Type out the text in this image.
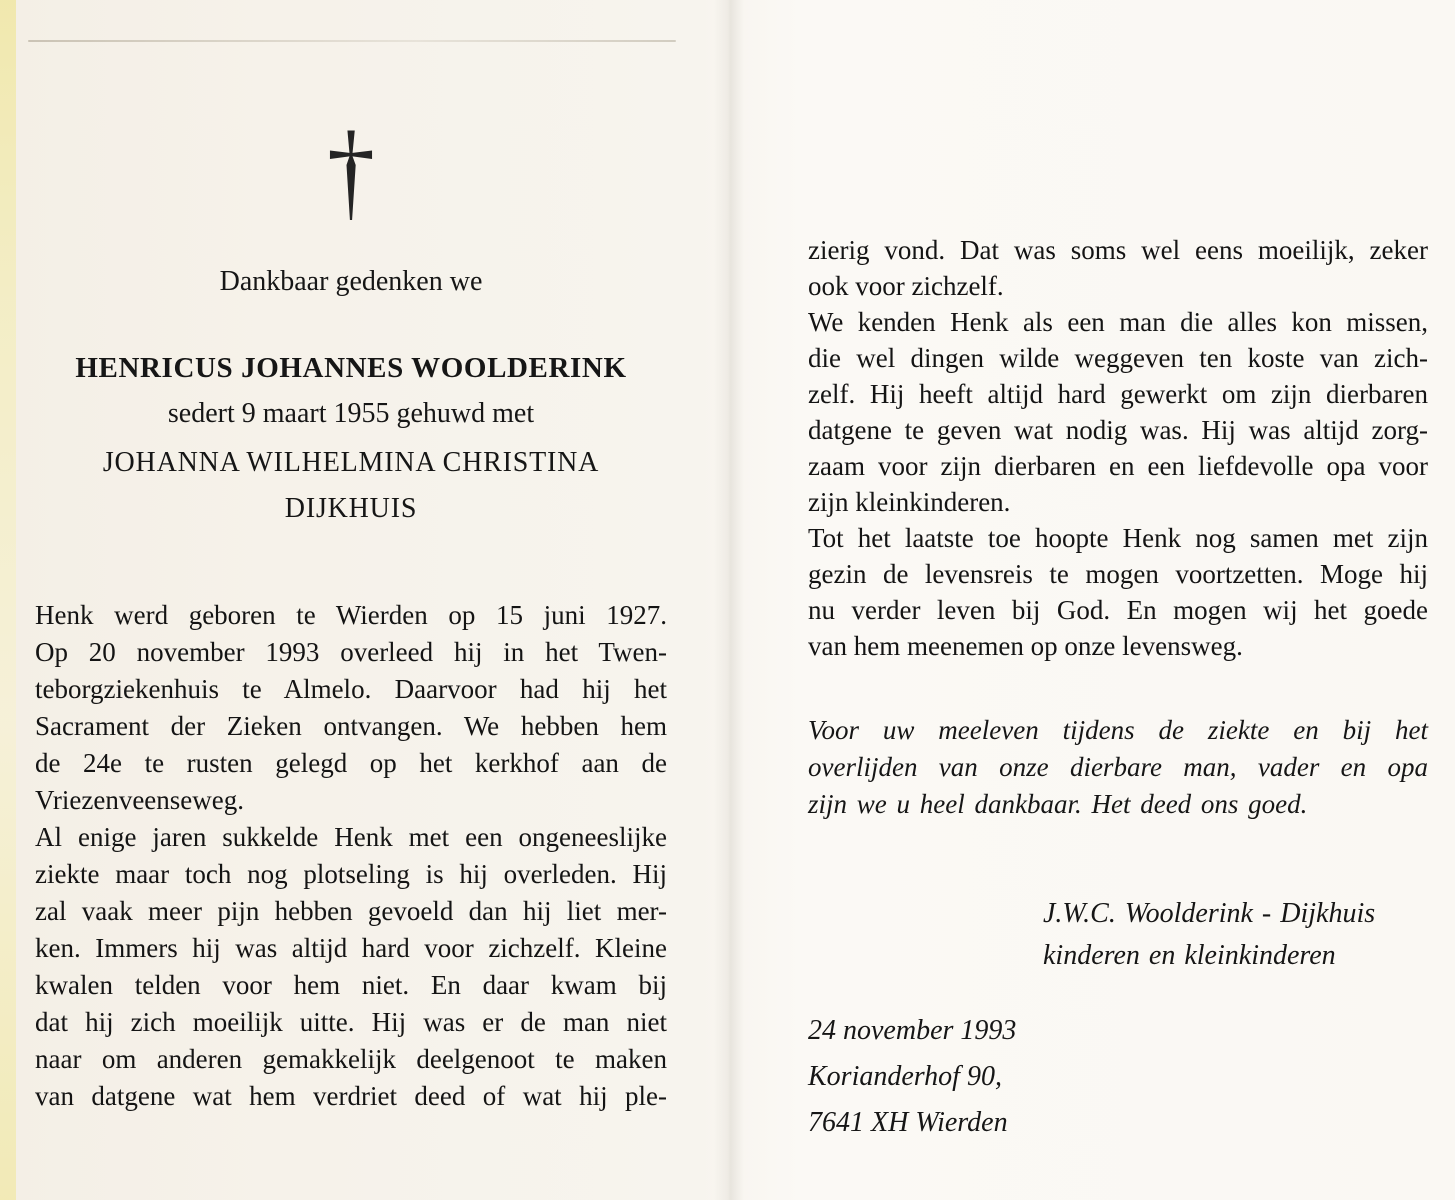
†
Dankbaar gedenken we
HENRICUS JOHANNES WOOLDERINK
sedert 9 maart 1955 gehuwd met
JOHANNA WILHELMINA CHRISTINA
DIJKHUIS
Henk werd geboren te Wierden op 15 juni 1927.
Op 20 november 1993 overleed hij in het Twen-
teborgziekenhuis te Almelo. Daarvoor had hij het
Sacrament der Zieken ontvangen. We hebben hem
de 24e te rusten gelegd op het kerkhof aan de
Vriezenveenseweg.
Al enige jaren sukkelde Henk met een ongeneeslijke
ziekte maar toch nog plotseling is hij overleden. Hij
zal vaak meer pijn hebben gevoeld dan hij liet mer-
ken. Immers hij was altijd hard voor zichzelf. Kleine
kwalen telden voor hem niet. En daar kwam bij
dat hij zich moeilijk uitte. Hij was er de man niet
naar om anderen gemakkelijk deelgenoot te maken
van datgene wat hem verdriet deed of wat hij ple-
zierig vond. Dat was soms wel eens moeilijk, zeker
ook voor zichzelf.
We kenden Henk als een man die alles kon missen,
die wel dingen wilde weggeven ten koste van zich-
zelf. Hij heeft altijd hard gewerkt om zijn dierbaren
datgene te geven wat nodig was. Hij was altijd zorg-
zaam voor zijn dierbaren en een liefdevolle opa voor
zijn kleinkinderen.
Tot het laatste toe hoopte Henk nog samen met zijn
gezin de levensreis te mogen voortzetten. Moge hij
nu verder leven bij God. En mogen wij het goede
van hem meenemen op onze levensweg.
Voor uw meeleven tijdens de ziekte en bij het
overlijden van onze dierbare man, vader en opa
zijn we u heel dankbaar. Het deed ons goed.
J.W.C. Woolderink - Dijkhuis
kinderen en kleinkinderen
24 november 1993
Korianderhof 90,
7641 XH Wierden
